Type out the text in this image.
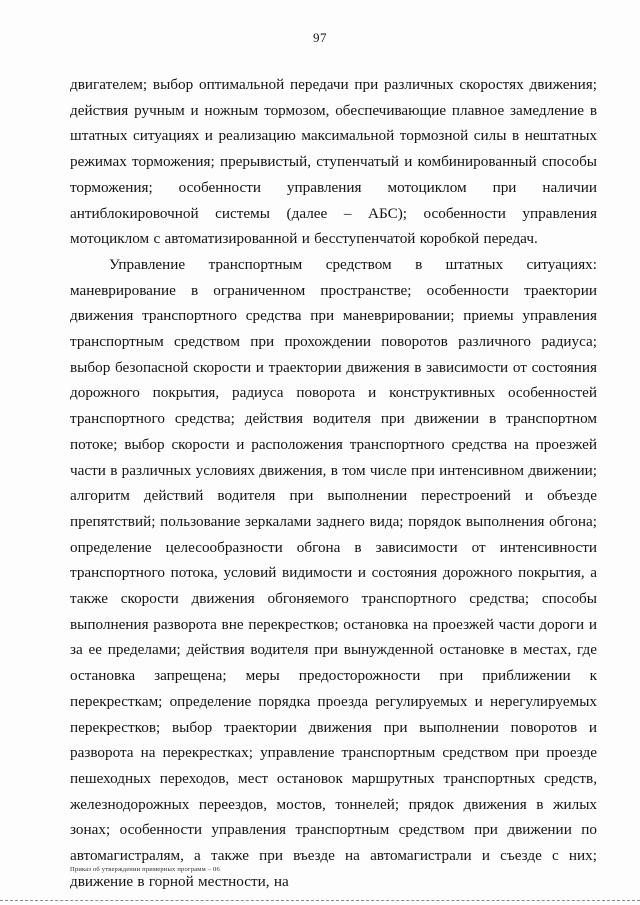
97

двигателем; выбор оптимальной передачи при различных скоростях движения; действия ручным и ножным тормозом, обеспечивающие плавное замедление в штатных ситуациях и реализацию максимальной тормозной силы в нештатных режимах торможения; прерывистый, ступенчатый и комбинированный способы торможения; особенности управления мотоциклом при наличии антиблокировочной системы (далее – АБС); особенности управления мотоциклом с автоматизированной и бесступенчатой коробкой передач.

Управление транспортным средством в штатных ситуациях: маневрирование в ограниченном пространстве; особенности траектории движения транспортного средства при маневрировании; приемы управления транспортным средством при прохождении поворотов различного радиуса; выбор безопасной скорости и траектории движения в зависимости от состояния дорожного покрытия, радиуса поворота и конструктивных особенностей транспортного средства; действия водителя при движении в транспортном потоке; выбор скорости и расположения транспортного средства на проезжей части в различных условиях движения, в том числе при интенсивном движении; алгоритм действий водителя при выполнении перестроений и объезде препятствий; пользование зеркалами заднего вида; порядок выполнения обгона; определение целесообразности обгона в зависимости от интенсивности транспортного потока, условий видимости и состояния дорожного покрытия, а также скорости движения обгоняемого транспортного средства; способы выполнения разворота вне перекрестков; остановка на проезжей части дороги и за ее пределами; действия водителя при вынужденной остановке в местах, где остановка запрещена; меры предосторожности при приближении к перекресткам; определение порядка проезда регулируемых и нерегулируемых перекрестков; выбор траектории движения при выполнении поворотов и разворота на перекрестках; управление транспортным средством при проезде пешеходных переходов, мест остановок маршрутных транспортных средств, железнодорожных переездов, мостов, тоннелей; прядок движения в жилых зонах; особенности управления транспортным средством при движении по автомагистралям, а также при въезде на автомагистрали и съезде с них; движение в горной местности, на

Приказ об утверждении примерных программ – 06
